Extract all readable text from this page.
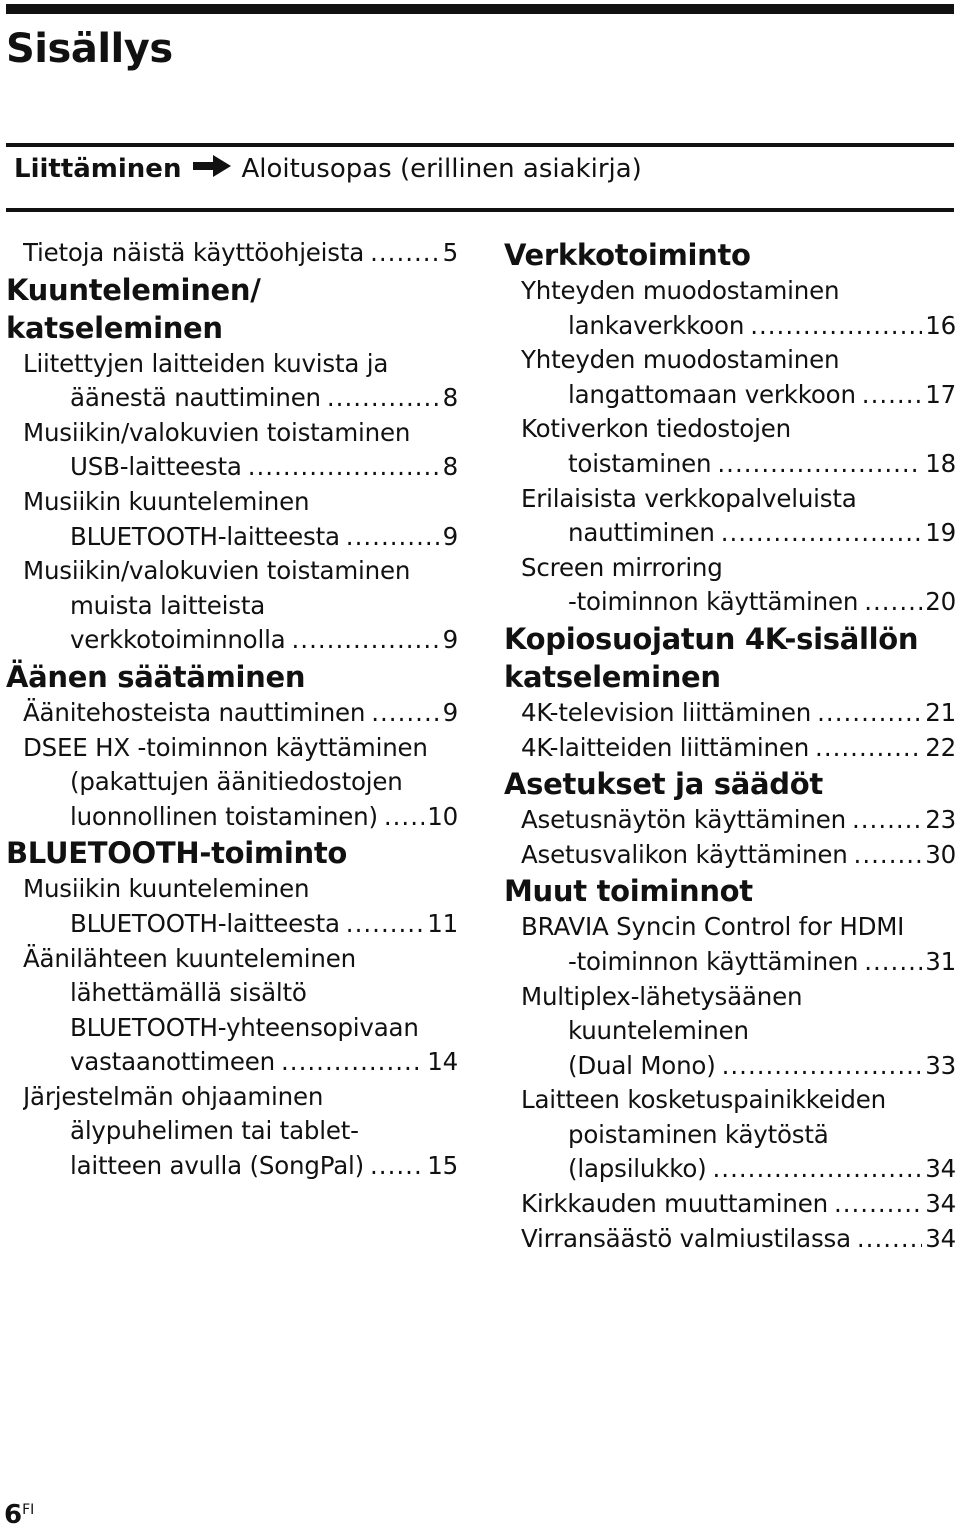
Sisällys
Liittäminen Aloitusopas (erillinen asiakirja)
Tietoja näistä käyttöohjeista .....	5
Kuunteleminen/
katseleminen
Liitettyjen laitteiden kuvista ja
äänestä nauttiminen .....	8
Musiikin/valokuvien toistaminen
USB-laitteesta .....	8
Musiikin kuunteleminen
BLUETOOTH-laitteesta .....	9
Musiikin/valokuvien toistaminen
muista laitteista
verkkotoiminnolla .....	9
Äänen säätäminen
Äänitehosteista nauttiminen .....	9
DSEE HX -toiminnon käyttäminen
(pakattujen äänitiedostojen
luonnollinen toistaminen) ..... 10
BLUETOOTH-toiminto
Musiikin kuunteleminen
BLUETOOTH-laitteesta .....	11
Äänilähteen kuunteleminen
lähettämällä sisältö
BLUETOOTH-yhteensopivaan
vastaanottimeen .....	14
Järjestelmän ohjaaminen
älypuhelimen tai tablet-
laitteen avulla (SongPal) .....	15
Verkkotoiminto
Yhteyden muodostaminen
lankaverkkoon .....	16
Yhteyden muodostaminen
langattomaan verkkoon .....	17
Kotiverkon tiedostojen
toistaminen .....	18
Erilaisista verkkopalveluista
nauttiminen .....	19
Screen mirroring
-toiminnon käyttäminen .....	20
Kopiosuojatun 4K-sisällön
katseleminen
4K-television liittäminen .....	21
4K-laitteiden liittäminen .....	22
Asetukset ja säädöt
Asetusnäytön käyttäminen .....	23
Asetusvalikon käyttäminen .....	30
Muut toiminnot
BRAVIA Syncin Control for HDMI
-toiminnon käyttäminen .....	31
Multiplex-lähetysäänen
kuunteleminen
(Dual Mono) .....	33
Laitteen kosketuspainikkeiden
poistaminen käytöstä
(lapsilukko) .....	34
Kirkkauden muuttaminen .....	34
Virransäästö valmiustilassa .....	34
$6^{FI}$
